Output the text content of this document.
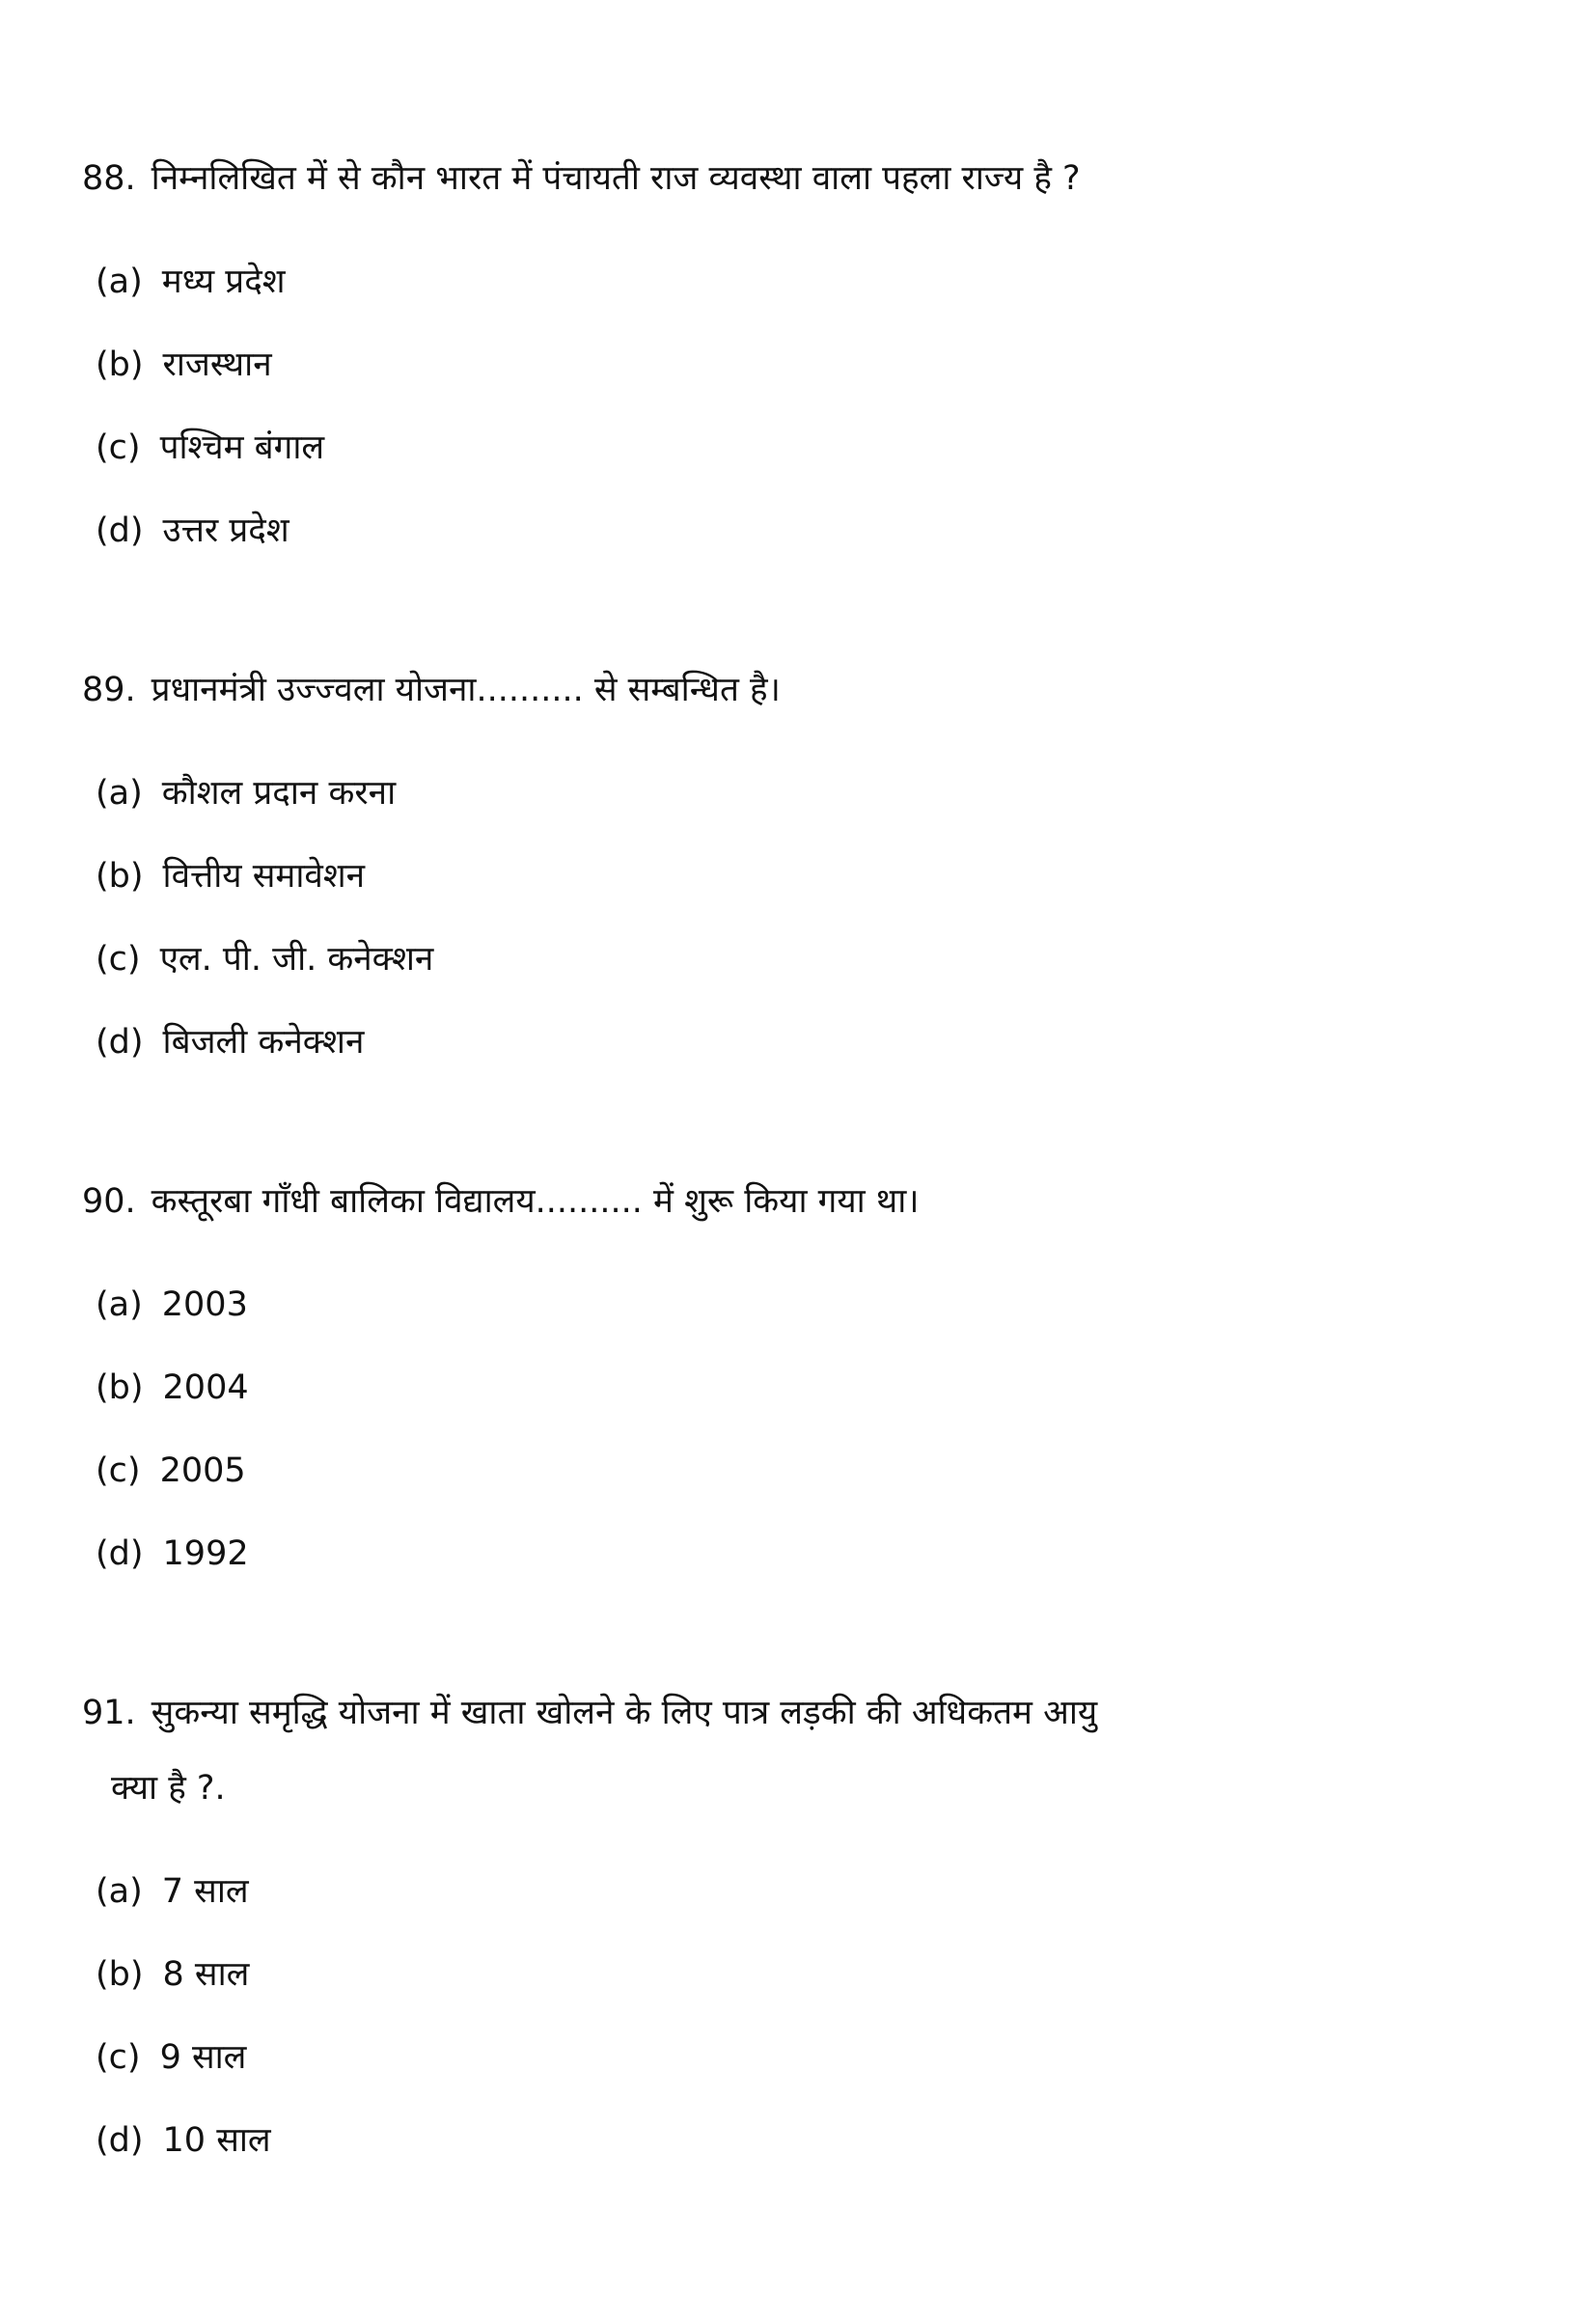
88. निम्नलिखित में से कौन भारत में पंचायती राज व्यवस्था वाला पहला राज्य है ?
(a) मध्य प्रदेश
(b) राजस्थान
(c) पश्चिम बंगाल
(d) उत्तर प्रदेश
89. प्रधानमंत्री उज्ज्वला योजना.......... से सम्बन्धित है।
(a) कौशल प्रदान करना
(b) वित्तीय समावेशन
(c) एल. पी. जी. कनेक्शन
(d) बिजली कनेक्शन
90. कस्तूरबा गाँधी बालिका विद्यालय.......... में शुरू किया गया था।
(a) 2003
(b) 2004
(c) 2005
(d) 1992
91. सुकन्या समृद्धि योजना में खाता खोलने के लिए पात्र लड़की की अधिकतम आयु
क्या है ?.
(a) 7 साल
(b) 8 साल
(c) 9 साल
(d) 10 साल
